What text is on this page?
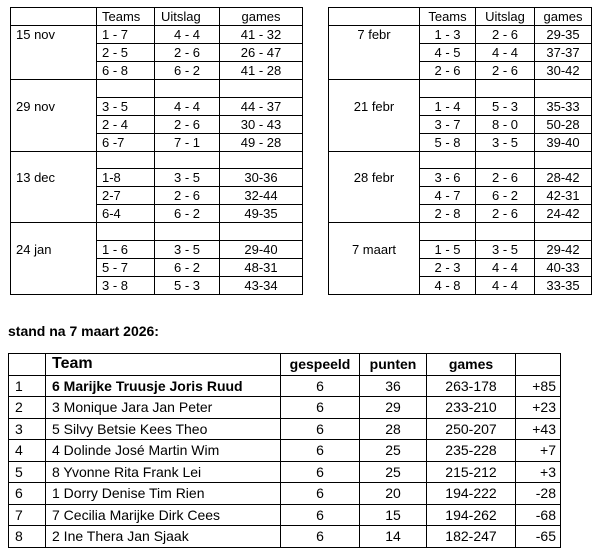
	Teams	Uitslag	games
15 nov	1 - 7	4 - 4	41 - 32
	2 - 5	2 - 6	26 - 47
	6 - 8	6 - 2	41 - 28

29 nov	3 - 5	4 - 4	44 - 37
	2 - 4	2 - 6	30 - 43
	6 -7	7 - 1	49 - 28

13 dec	1-8	3 - 5	30-36
	2-7	2 - 6	32-44
	6-4	6 - 2	49-35

24 jan	1 - 6	3 - 5	29-40
	5 - 7	6 - 2	48-31
	3 - 8	5 - 3	43-34
	Teams	Uitslag	games
7 febr	1 - 3	2 - 6	29-35
	4 - 5	4 - 4	37-37
	2 - 6	2 - 6	30-42

21 febr	1 - 4	5 - 3	35-33
	3 - 7	8 - 0	50-28
	5 - 8	3 - 5	39-40

28 febr	3 - 6	2 - 6	28-42
	4 - 7	6 - 2	42-31
	2 - 8	2 - 6	24-42

7 maart	1 - 5	3 - 5	29-42
	2 - 3	4 - 4	40-33
	4 - 8	4 - 4	33-35
stand na 7 maart 2026:
	Team	gespeeld	punten	games	
1	6 Marijke Truusje Joris Ruud	6	36	263-178	+85
2	3 Monique Jara Jan Peter	6	29	233-210	+23
3	5 Silvy Betsie Kees Theo	6	28	250-207	+43
4	4 Dolinde José Martin Wim	6	25	235-228	+7
5	8 Yvonne Rita Frank Lei	6	25	215-212	+3
6	1 Dorry Denise Tim Rien	6	20	194-222	-28
7	7 Cecilia Marijke Dirk Cees	6	15	194-262	-68
8	2 Ine Thera Jan Sjaak	6	14	182-247	-65
